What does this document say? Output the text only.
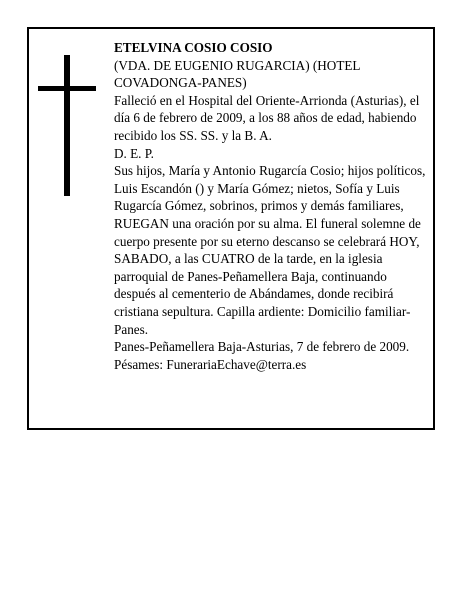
ETELVINA COSIO COSIO

(VDA. DE EUGENIO RUGARCIA) (HOTEL COVADONGA-PANES)

Falleció en el Hospital del Oriente-Arrionda (Asturias), el día 6 de febrero de 2009, a los 88 años de edad, habiendo recibido los SS. SS. y la B. A.

D. E. P.

Sus hijos, María y Antonio Rugarcía Cosio; hijos políticos, Luis Escandón () y María Gómez; nietos, Sofía y Luis Rugarcía Gómez, sobrinos, primos y demás familiares,

RUEGAN una oración por su alma. El funeral solemne de cuerpo presente por su eterno descanso se celebrará HOY, SABADO, a las CUATRO de la tarde, en la iglesia parroquial de Panes-Peñamellera Baja, continuando después al cementerio de Abándames, donde recibirá cristiana sepultura. Capilla ardiente: Domicilio familiar-Panes.

Panes-Peñamellera Baja-Asturias, 7 de febrero de 2009.

Pésames: FunerariaEchave@terra.es
